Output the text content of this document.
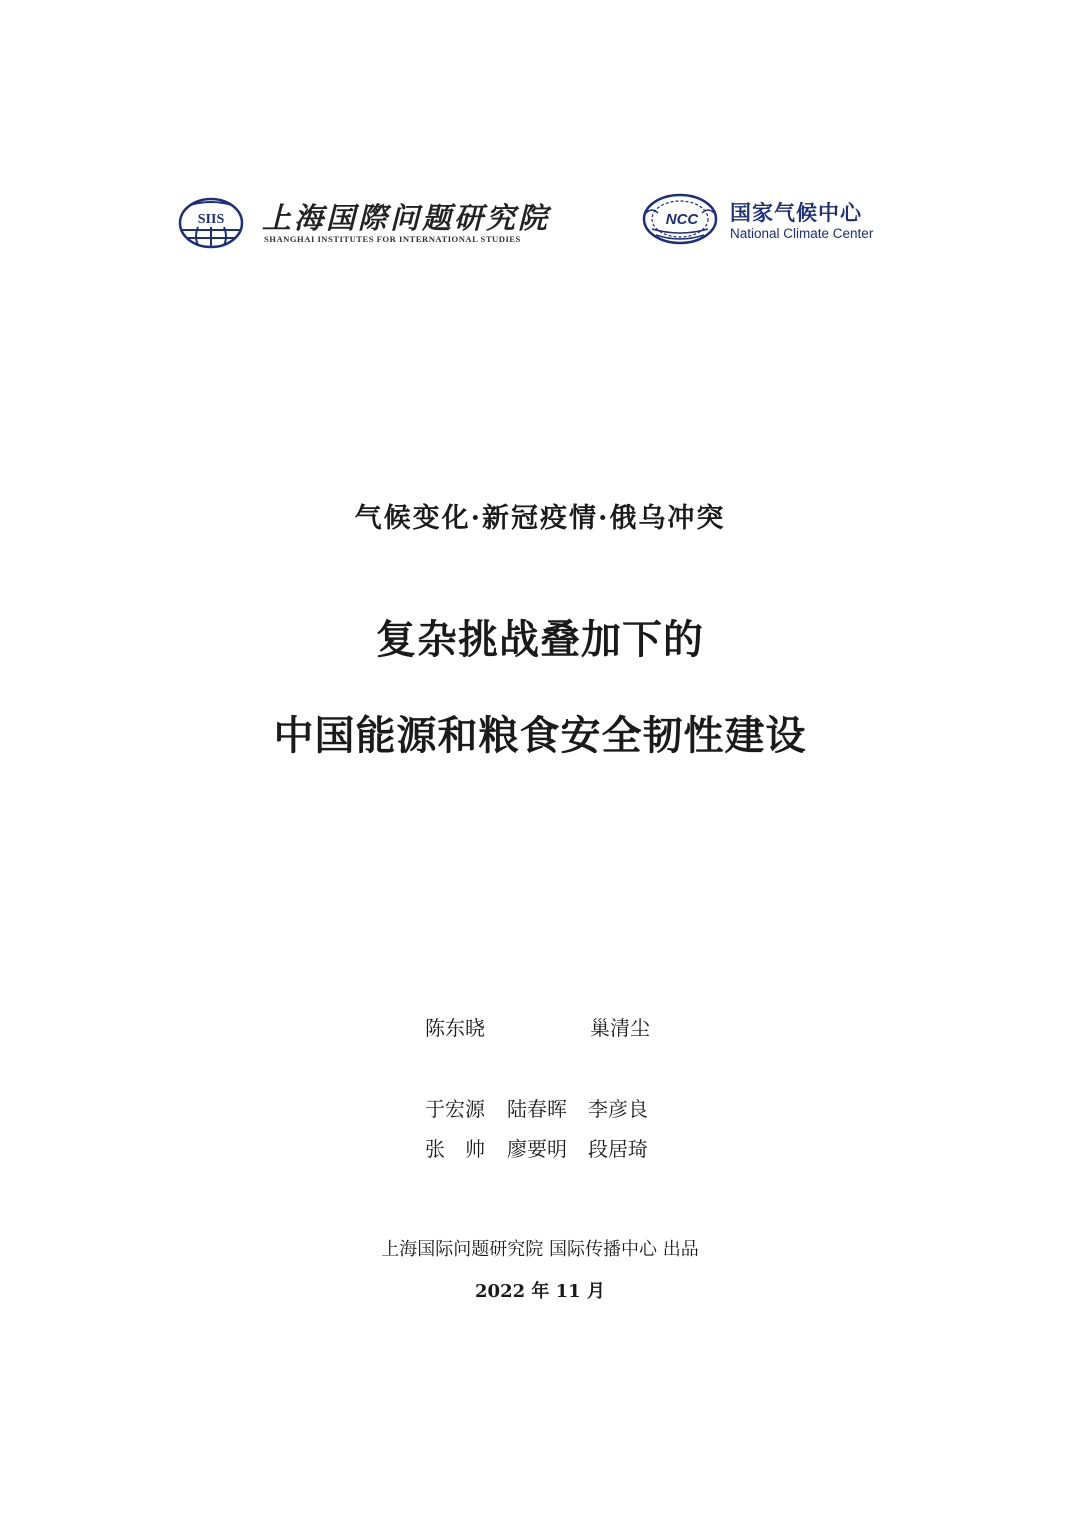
SIIS 上海国際问题研究院
SHANGHAI INSTITUTES FOR INTERNATIONAL STUDIES
NCC 国家气候中心
National Climate Center
气候变化·新冠疫情·俄乌冲突
复杂挑战叠加下的
中国能源和粮食安全韧性建设
陈东晓	巢清尘
于宏源 陆春晖 李彦良
张帅 廖要明 段居琦
上海国际问题研究院 国际传播中心 出品
2022 年 11 月
